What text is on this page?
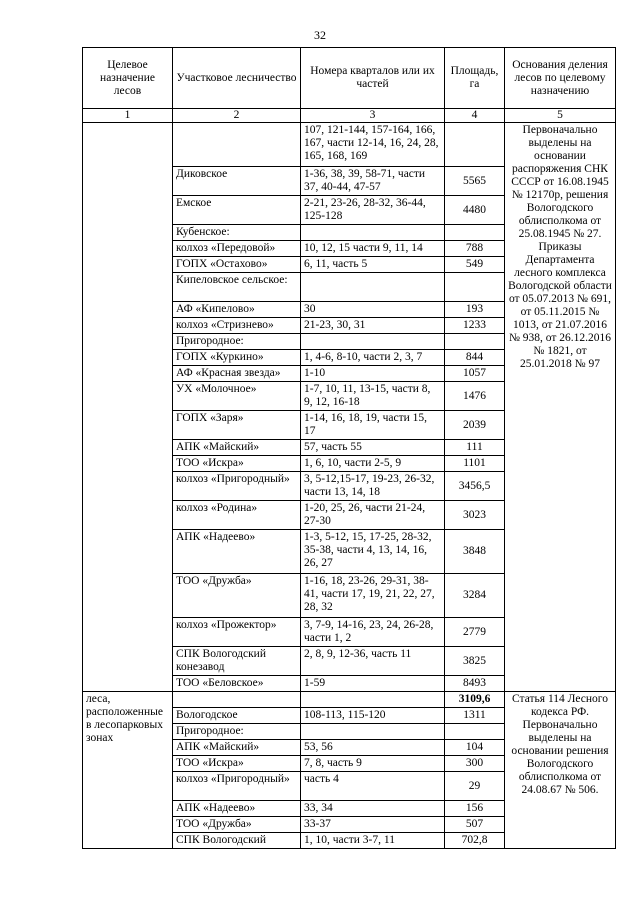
32
Целевое назначение лесов	Участковое лесничество	Номера кварталов или их частей	Площадь, га	Основания деления лесов по целевому назначению
1	2	3	4	5
		107, 121-144, 157-164, 166, 167, части 12-14, 16, 24, 28, 165, 168, 169		Первоначально выделены на основании распоряжения СНК СССР от 16.08.1945 № 12170р, решения Вологодского облисполкома от 25.08.1945 № 27. Приказы Департамента лесного комплекса Вологодской области от 05.07.2013 № 691, от 05.11.2015 № 1013, от 21.07.2016 № 938, от 26.12.2016 № 1821, от 25.01.2018 № 97
	Диковское	1-36, 38, 39, 58-71, части 37, 40-44, 47-57	5565	
	Емское	2-21, 23-26, 28-32, 36-44, 125-128	4480	
	Кубенское:			
	колхоз «Передовой»	10, 12, 15 части 9, 11, 14	788	
	ГОПХ «Остахово»	6, 11, часть 5	549	
	Кипеловское сельское:			
	АФ «Кипелово»	30	193	
	колхоз «Стризнево»	21-23, 30, 31	1233	
	Пригородное:			
	ГОПХ «Куркино»	1, 4-6, 8-10, части 2, 3, 7	844	
	АФ «Красная звезда»	1-10	1057	
	УХ «Молочное»	1-7, 10, 11, 13-15, части 8, 9, 12, 16-18	1476	
	ГОПХ «Заря»	1-14, 16, 18, 19, части 15, 17	2039	
	АПК «Майский»	57, часть 55	111	
	ТОО «Искра»	1, 6, 10, части 2-5, 9	1101	
	колхоз «Пригородный»	3, 5-12,15-17, 19-23, 26-32, части 13, 14, 18	3456,5	
	колхоз «Родина»	1-20, 25, 26, части 21-24, 27-30	3023	
	АПК «Надеево»	1-3, 5-12, 15, 17-25, 28-32, 35-38, части 4, 13, 14, 16, 26, 27	3848	
	ТОО «Дружба»	1-16, 18, 23-26, 29-31, 38-41, части 17, 19, 21, 22, 27, 28, 32	3284	
	колхоз «Прожектор»	3, 7-9, 14-16, 23, 24, 26-28, части 1, 2	2779	
	СПК Вологодский конезавод	2, 8, 9, 12-36, часть 11	3825	
	ТОО «Беловское»	1-59	8493	
леса, расположенные в лесопарковых зонах			3109,6	Статья 114 Лесного кодекса РФ. Первоначально выделены на основании решения Вологодского облисполкома от 24.08.67 № 506.
	Вологодское	108-113, 115-120	1311	
	Пригородное:			
	АПК «Майский»	53, 56	104	
	ТОО «Искра»	7, 8, часть 9	300	
	колхоз «Пригородный»	часть 4	29	
	АПК «Надеево»	33, 34	156	
	ТОО «Дружба»	33-37	507	
	СПК Вологодский	1, 10, части 3-7, 11	702,8	
